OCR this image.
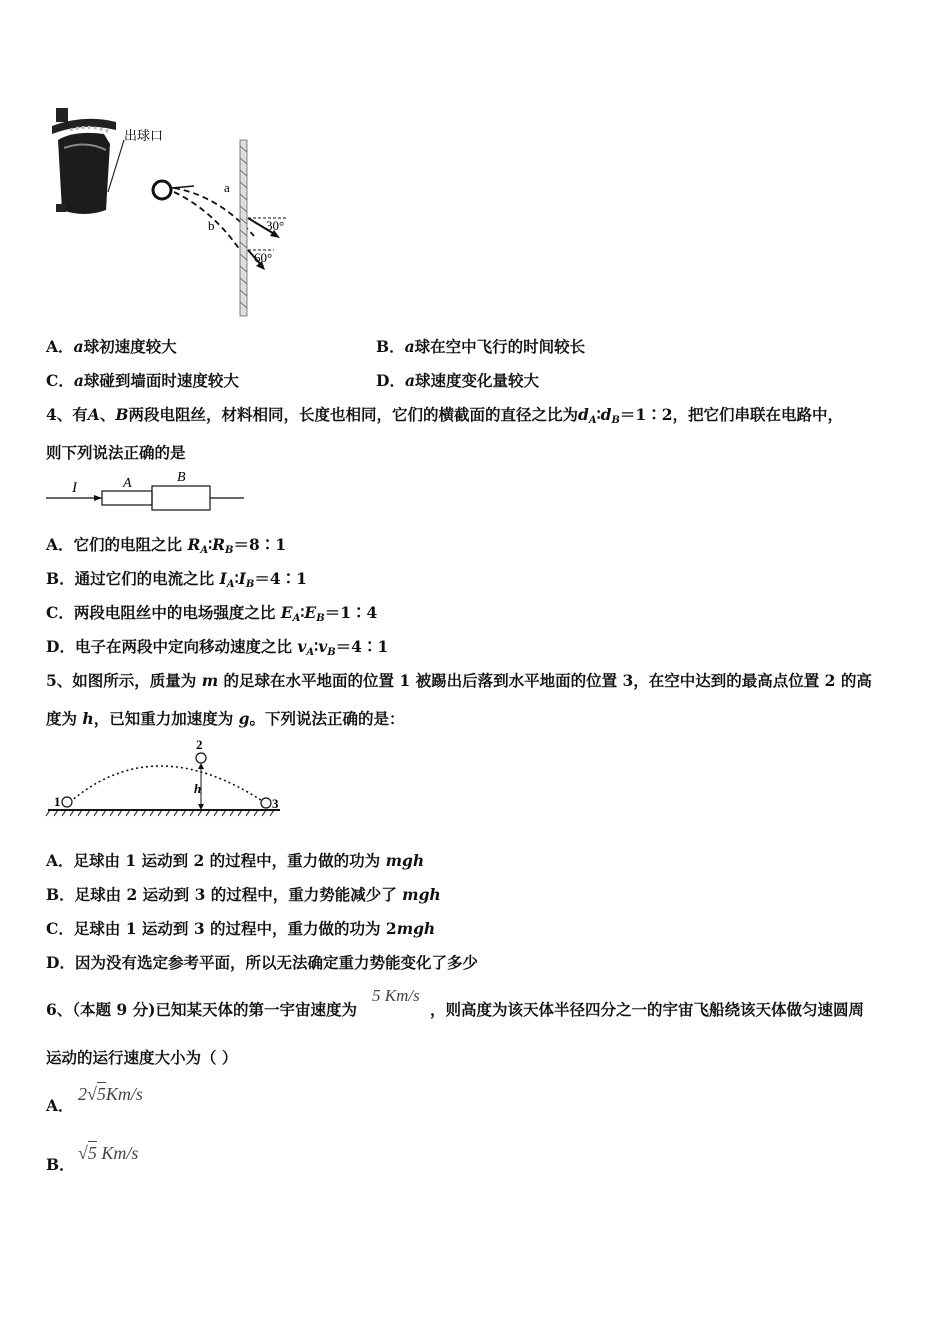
出球口
a
b	30°
60°
A．a球初速度较大	B．a球在空中飞行的时间较长
C．a球碰到墙面时速度较大	D．a球速度变化量较大
4、有A、B两段电阻丝，材料相同，长度也相同，它们的横截面的直径之比为$d_A∶d_B=1∶2$，把它们串联在电路中，
则下列说法正确的是
I	A	B
A．它们的电阻之比 $R_A∶R_B=8∶1$
B．通过它们的电流之比 $I_A∶I_B=4∶1$
C．两段电阻丝中的电场强度之比 $E_A∶E_B=1∶4$
D．电子在两段中定向移动速度之比 $v_A∶v_B=4∶1$
5、如图所示，质量为 m 的足球在水平地面的位置 1 被踢出后落到水平地面的位置 3，在空中达到的最高点位置 2 的高
度为 h，已知重力加速度为 g。下列说法正确的是：
1
2
3
h
A．足球由 1 运动到 2 的过程中，重力做的功为 mgh
B．足球由 2 运动到 3 的过程中，重力势能减少了 mgh
C．足球由 1 运动到 3 的过程中，重力做的功为 2mgh
D．因为没有选定参考平面，所以无法确定重力势能变化了多少
6、（本题 9 分)已知某天体的第一宇宙速度为
5 Km/s
，则高度为该天体半径四分之一的宇宙飞船绕该天体做匀速圆周
运动的运行速度大小为（ ）
A．
2√5Km/s
B．
√5 Km/s
